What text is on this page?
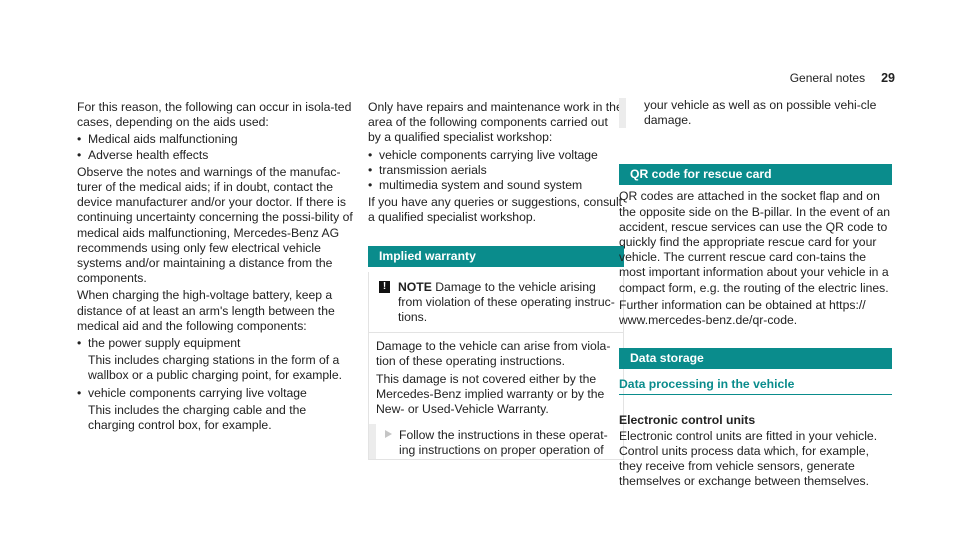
General notes 29

For this reason, the following can occur in isola-ted cases, depending on the aids used:

• Medical aids malfunctioning
• Adverse health effects

Observe the notes and warnings of the manufac-turer of the medical aids; if in doubt, contact the device manufacturer and/or your doctor. If there is continuing uncertainty concerning the possi-bility of medical aids malfunctioning, Mercedes-Benz AG recommends using only few electrical vehicle systems and/or maintaining a distance from the components.

When charging the high-voltage battery, keep a distance of at least an arm's length between the medical aid and the following components:

• the power supply equipment
This includes charging stations in the form of a wallbox or a public charging point, for example.
• vehicle components carrying live voltage
This includes the charging cable and the charging control box, for example.

Only have repairs and maintenance work in the area of the following components carried out by a qualified specialist workshop:

• vehicle components carrying live voltage
• transmission aerials
• multimedia system and sound system

If you have any queries or suggestions, consult a qualified specialist workshop.

Implied warranty
! NOTE Damage to the vehicle arising from violation of these operating instruc-tions.

Damage to the vehicle can arise from viola-tion of these operating instructions.

This damage is not covered either by the Mercedes-Benz implied warranty or by the New- or Used-Vehicle Warranty.

Follow the instructions in these operat-ing instructions on proper operation of
your vehicle as well as on possible vehi-cle damage.
QR code for rescue card

QR codes are attached in the socket flap and on the opposite side on the B-pillar. In the event of an accident, rescue services can use the QR code to quickly find the appropriate rescue card for your vehicle. The current rescue card con-tains the most important information about your vehicle in a compact form, e.g. the routing of the electric lines.

Further information can be obtained at https:// www.mercedes-benz.de/qr-code.

Data storage
Data processing in the vehicle
Electronic control units

Electronic control units are fitted in your vehicle. Control units process data which, for example, they receive from vehicle sensors, generate themselves or exchange between themselves.
